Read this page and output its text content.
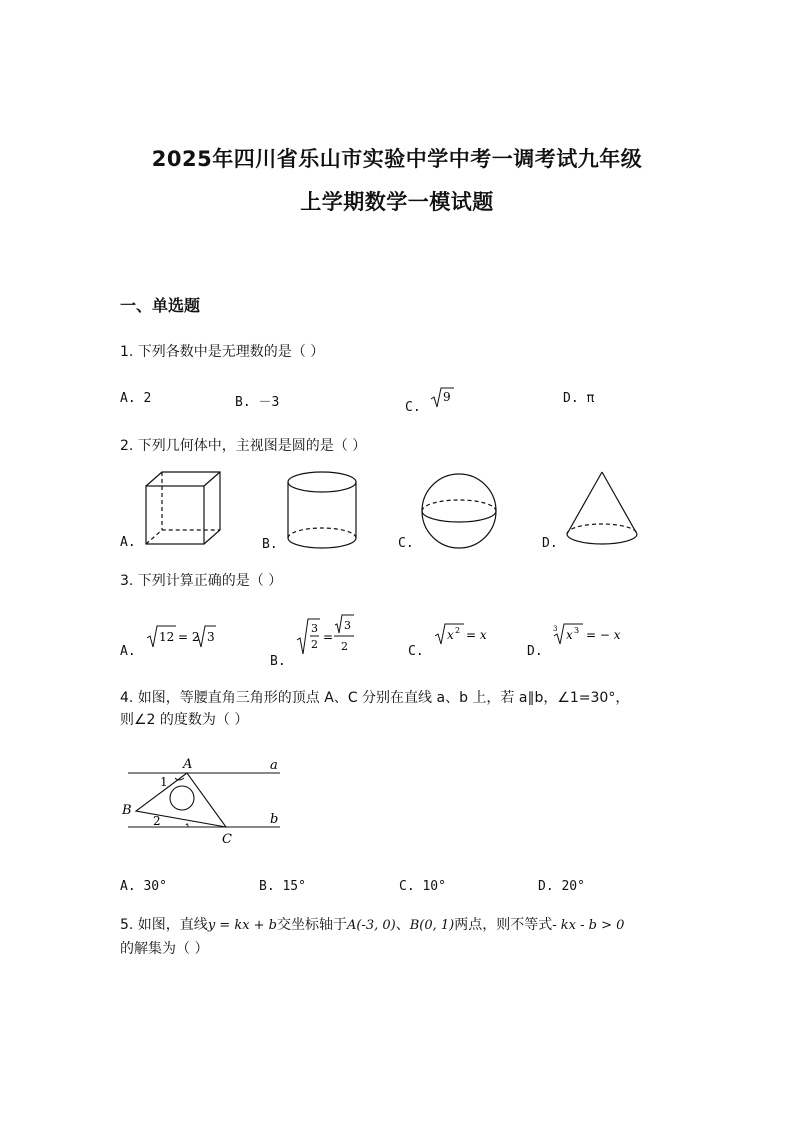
2025年四川省乐山市实验中学中考一调考试九年级
上学期数学一模试题
一、单选题
1. 下列各数中是无理数的是（ ）
A. 2	B. －3	C.
9	D. π
2. 下列几何体中，主视图是圆的是（ ）
A.	B.	C.	D.
3. 下列计算正确的是（ ）
A.
12 = 2 3
B.
3
2
=
3
2	C.
x 2 = x
D.
3 x 3 = − x
4. 如图，等腰直角三角形的顶点 A、C 分别在直线 a、b 上，若 a∥b，∠1=30°，
则∠2 的度数为（ ）
A
B
C
a
b
1
2
A. 30°	B. 15°	C. 10°	D. 20°
5. 如图，直线y = kx + b交坐标轴于A(-3, 0)、B(0, 1)两点，则不等式- kx - b > 0
的解集为（ ）
